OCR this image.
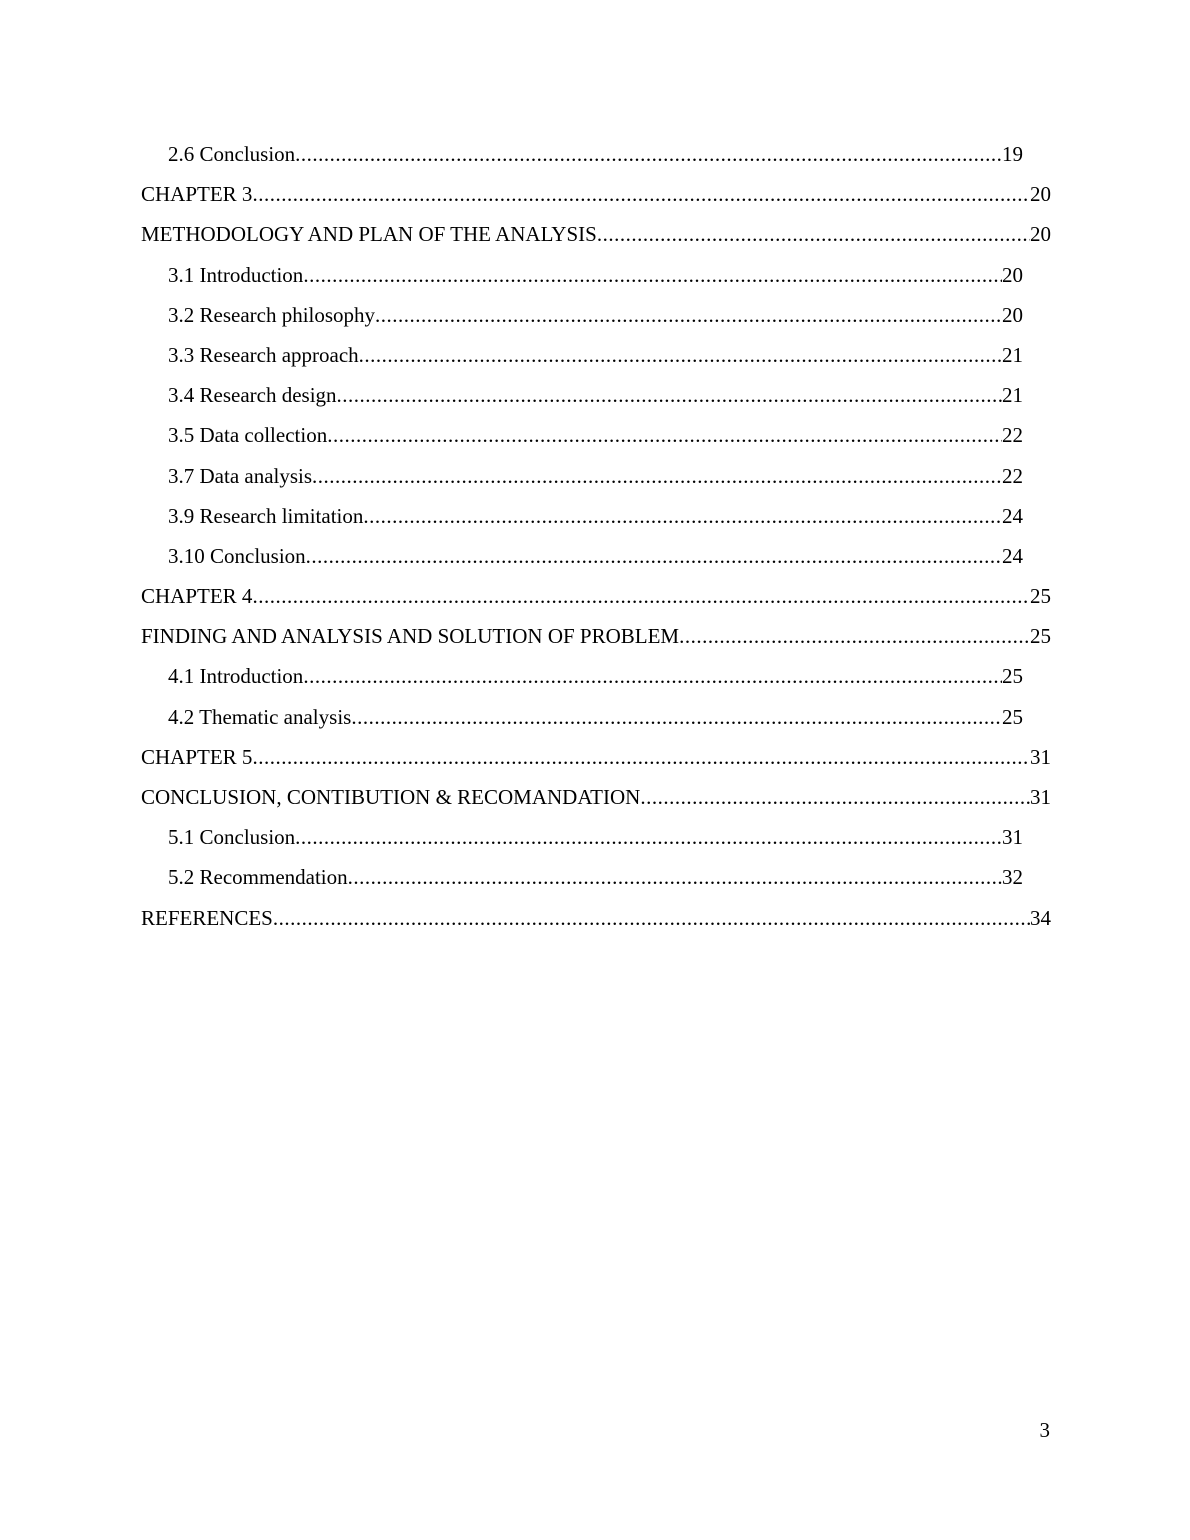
2.6 Conclusion .....	19
CHAPTER 3 .....	20
METHODOLOGY AND PLAN OF THE ANALYSIS .....	20
3.1 Introduction .....	20
3.2 Research philosophy .....	20
3.3 Research approach .....	21
3.4 Research design .....	21
3.5 Data collection .....	22
3.7 Data analysis .....	22
3.9 Research limitation .....	24
3.10 Conclusion .....	24
CHAPTER 4 .....	25
FINDING AND ANALYSIS AND SOLUTION OF PROBLEM .....	25
4.1 Introduction .....	25
4.2 Thematic analysis .....	25
CHAPTER 5 .....	31
CONCLUSION, CONTIBUTION & RECOMANDATION .....	31
5.1 Conclusion .....	31
5.2 Recommendation .....	32
REFERENCES .....	34
3
